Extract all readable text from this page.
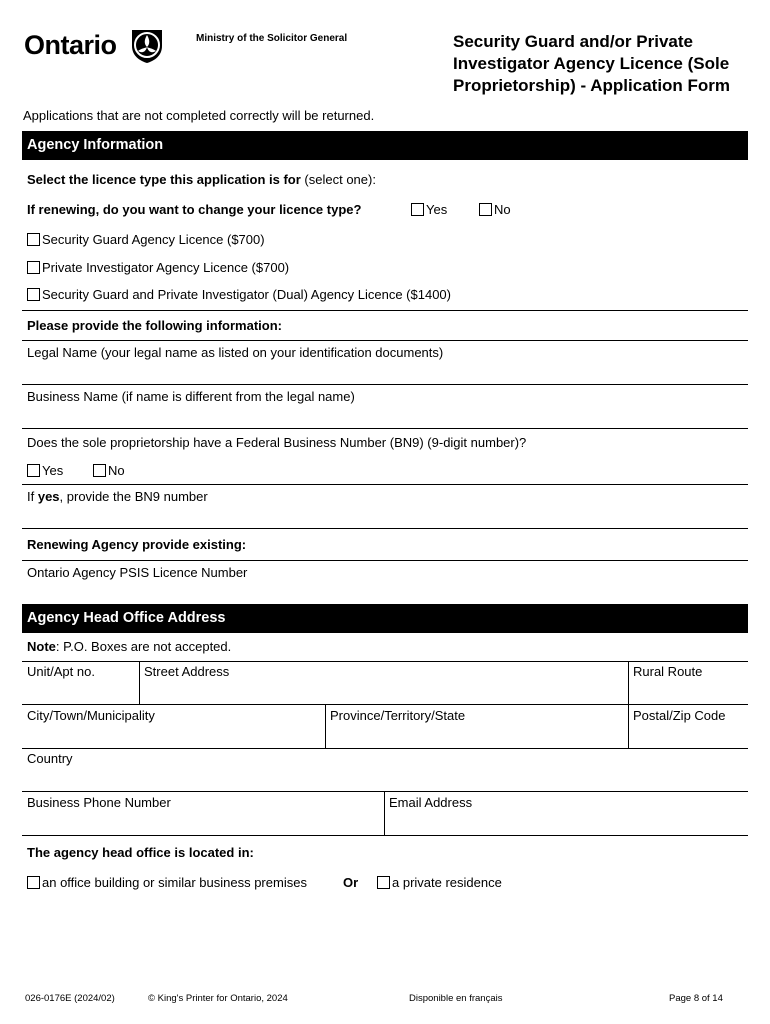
Ontario	Ministry of the Solicitor General	Security Guard and/or Private
Investigator Agency Licence (Sole
Proprietorship) - Application Form
Applications that are not completed correctly will be returned.
Agency Information
Select the licence type this application is for (select one):
If renewing, do you want to change your licence type?	Yes	No
Security Guard Agency Licence ($700)
Private Investigator Agency Licence ($700)
Security Guard and Private Investigator (Dual) Agency Licence ($1400)
Please provide the following information:
Legal Name (your legal name as listed on your identification documents)
Business Name (if name is different from the legal name)
Does the sole proprietorship have a Federal Business Number (BN9) (9-digit number)?
Yes	No
If yes, provide the BN9 number
Renewing Agency provide existing:
Ontario Agency PSIS Licence Number
Agency Head Office Address
Note: P.O. Boxes are not accepted.
Unit/Apt no.	Street Address	Rural Route
City/Town/Municipality	Province/Territory/State	Postal/Zip Code
Country
Business Phone Number	Email Address
The agency head office is located in:
an office building or similar business premises	Or	a private residence
026-0176E (2024/02)	© King's Printer for Ontario, 2024	Disponible en français	Page 8 of 14
